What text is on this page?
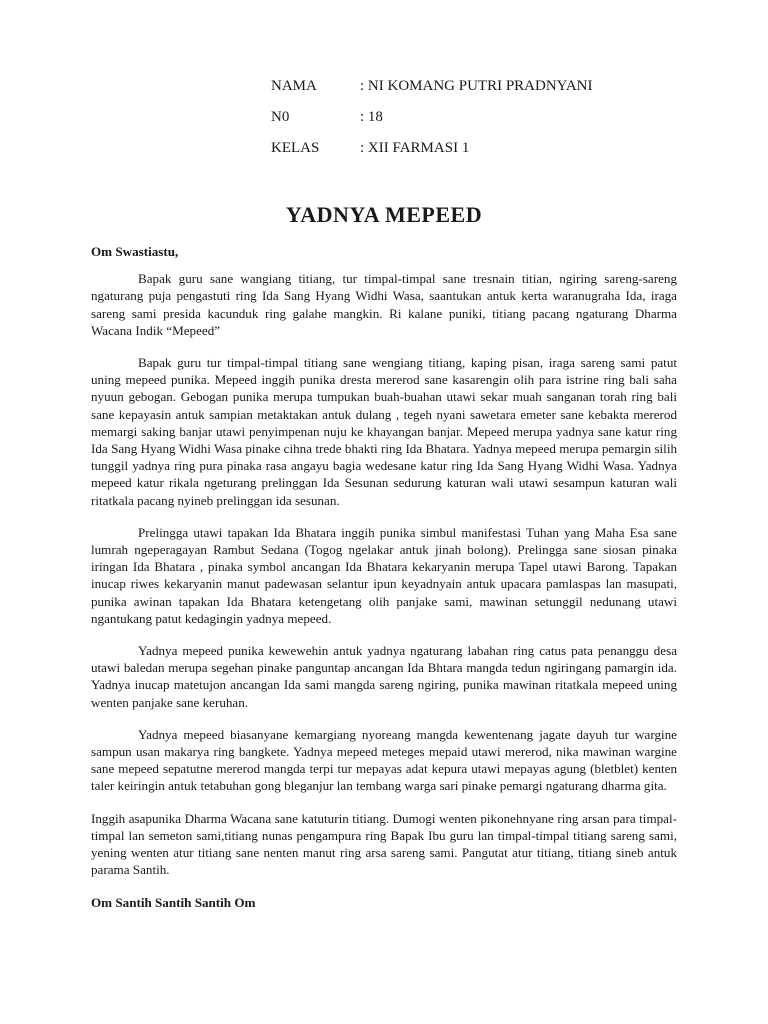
NAMA	: NI KOMANG PUTRI PRADNYANI
N0	: 18
KELAS	: XII FARMASI 1
YADNYA MEPEED

Om Swastiastu,

Bapak guru sane wangiang titiang, tur timpal-timpal sane tresnain titian, ngiring sareng-sareng ngaturang puja pengastuti ring Ida Sang Hyang Widhi Wasa, saantukan antuk kerta waranugraha Ida, iraga sareng sami presida kacunduk ring galahe mangkin. Ri kalane puniki, titiang pacang ngaturang Dharma Wacana Indik “Mepeed”

Bapak guru tur timpal-timpal titiang sane wengiang titiang, kaping pisan, iraga sareng sami patut uning mepeed punika. Mepeed inggih punika dresta mererod sane kasarengin olih para istrine ring bali saha nyuun gebogan. Gebogan punika merupa tumpukan buah-buahan utawi sekar muah sanganan torah ring bali sane kepayasin antuk sampian metaktakan antuk dulang , tegeh nyani sawetara emeter sane kebakta mererod memargi saking banjar utawi penyimpenan nuju ke khayangan banjar. Mepeed merupa yadnya sane katur ring Ida Sang Hyang Widhi Wasa pinake cihna trede bhakti ring Ida Bhatara. Yadnya mepeed merupa pemargin silih tunggil yadnya ring pura pinaka rasa angayu bagia wedesane katur ring Ida Sang Hyang Widhi Wasa. Yadnya mepeed katur rikala ngeturang prelinggan Ida Sesunan sedurung katuran wali utawi sesampun katuran wali ritatkala pacang nyineb prelinggan ida sesunan.

Prelingga utawi tapakan Ida Bhatara inggih punika simbul manifestasi Tuhan yang Maha Esa sane lumrah ngeperagayan Rambut Sedana (Togog ngelakar antuk jinah bolong). Prelingga sane siosan pinaka iringan Ida Bhatara , pinaka symbol ancangan Ida Bhatara kekaryanin merupa Tapel utawi Barong. Tapakan inucap riwes kekaryanin manut padewasan selantur ipun keyadnyain antuk upacara pamlaspas lan masupati, punika awinan tapakan Ida Bhatara ketengetang olih panjake sami, mawinan setunggil nedunang utawi ngantukang patut kedagingin yadnya mepeed.

Yadnya mepeed punika kewewehin antuk yadnya ngaturang labahan ring catus pata penanggu desa utawi baledan merupa segehan pinake panguntap ancangan Ida Bhtara mangda tedun ngiringang pamargin ida. Yadnya inucap matetujon ancangan Ida sami mangda sareng ngiring, punika mawinan ritatkala mepeed uning wenten panjake sane keruhan.

Yadnya mepeed biasanyane kemargiang nyoreang mangda kewentenang jagate dayuh tur wargine sampun usan makarya ring bangkete. Yadnya mepeed meteges mepaid utawi mererod, nika mawinan wargine sane mepeed sepatutne mererod mangda terpi tur mepayas adat kepura utawi mepayas agung (bletblet) kenten taler keiringin antuk tetabuhan gong bleganjur lan tembang warga sari pinake pemargi ngaturang dharma gita.

Inggih asapunika Dharma Wacana sane katuturin titiang. Dumogi wenten pikonehnyane ring arsan para timpal-timpal lan semeton sami,titiang nunas pengampura ring Bapak Ibu guru lan timpal-timpal titiang sareng sami, yening wenten atur titiang sane nenten manut ring arsa sareng sami. Pangutat atur titiang, titiang sineb antuk parama Santih.

Om Santih Santih Santih Om
